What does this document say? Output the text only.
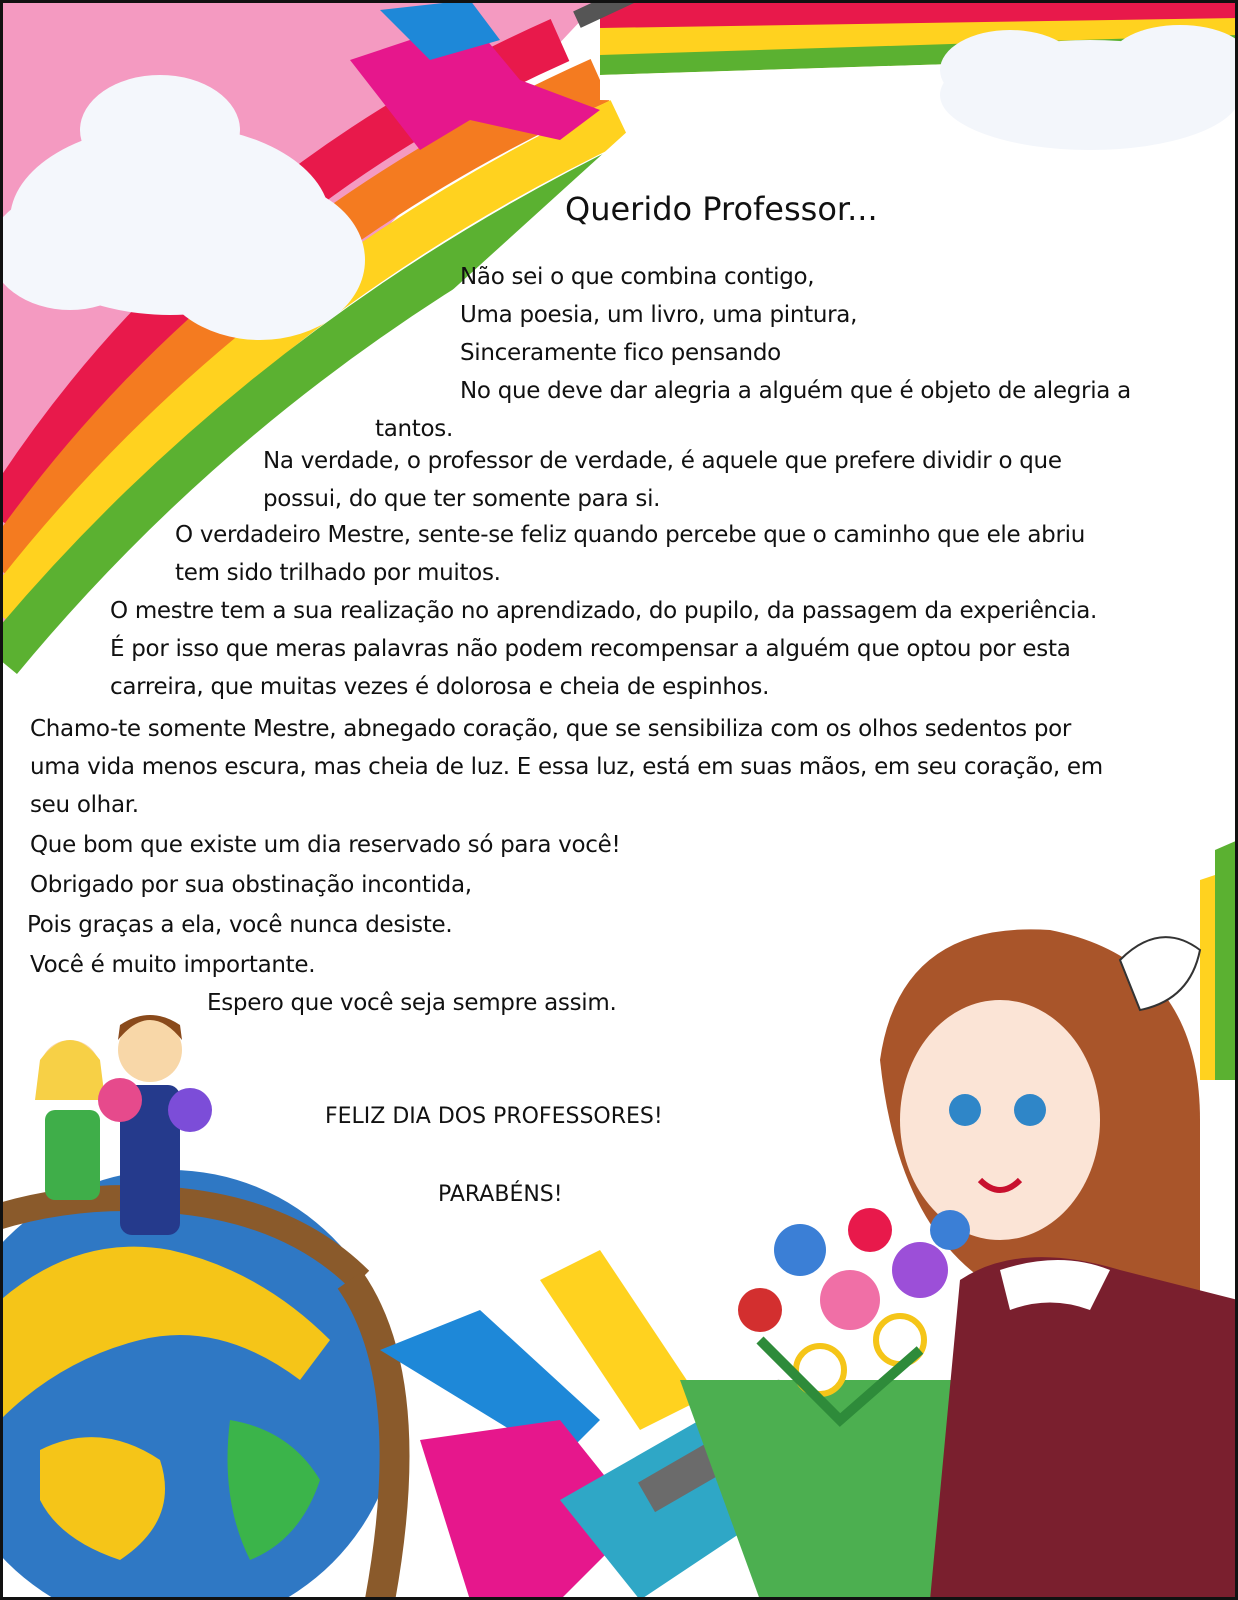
Querido Professor...

Não sei o que combina contigo,

Uma poesia, um livro, uma pintura,

Sinceramente fico pensando

No que deve dar alegria a alguém que é objeto de alegria a

tantos.

Na verdade, o professor de verdade, é aquele que prefere dividir o que

possui, do que ter somente para si.

O verdadeiro Mestre, sente-se feliz quando percebe que o caminho que ele abriu

tem sido trilhado por muitos.

O mestre tem a sua realização no aprendizado, do pupilo, da passagem da experiência.

É por isso que meras palavras não podem recompensar a alguém que optou por esta

carreira, que muitas vezes é dolorosa e cheia de espinhos.

Chamo-te somente Mestre, abnegado coração, que se sensibiliza com os olhos sedentos por

uma vida menos escura, mas cheia de luz. E essa luz, está em suas mãos, em seu coração, em

seu olhar.

Que bom que existe um dia reservado só para você!

Obrigado por sua obstinação incontida,

Pois graças a ela, você nunca desiste.

Você é muito importante.

Espero que você seja sempre assim.

FELIZ DIA DOS PROFESSORES!

PARABÉNS!
